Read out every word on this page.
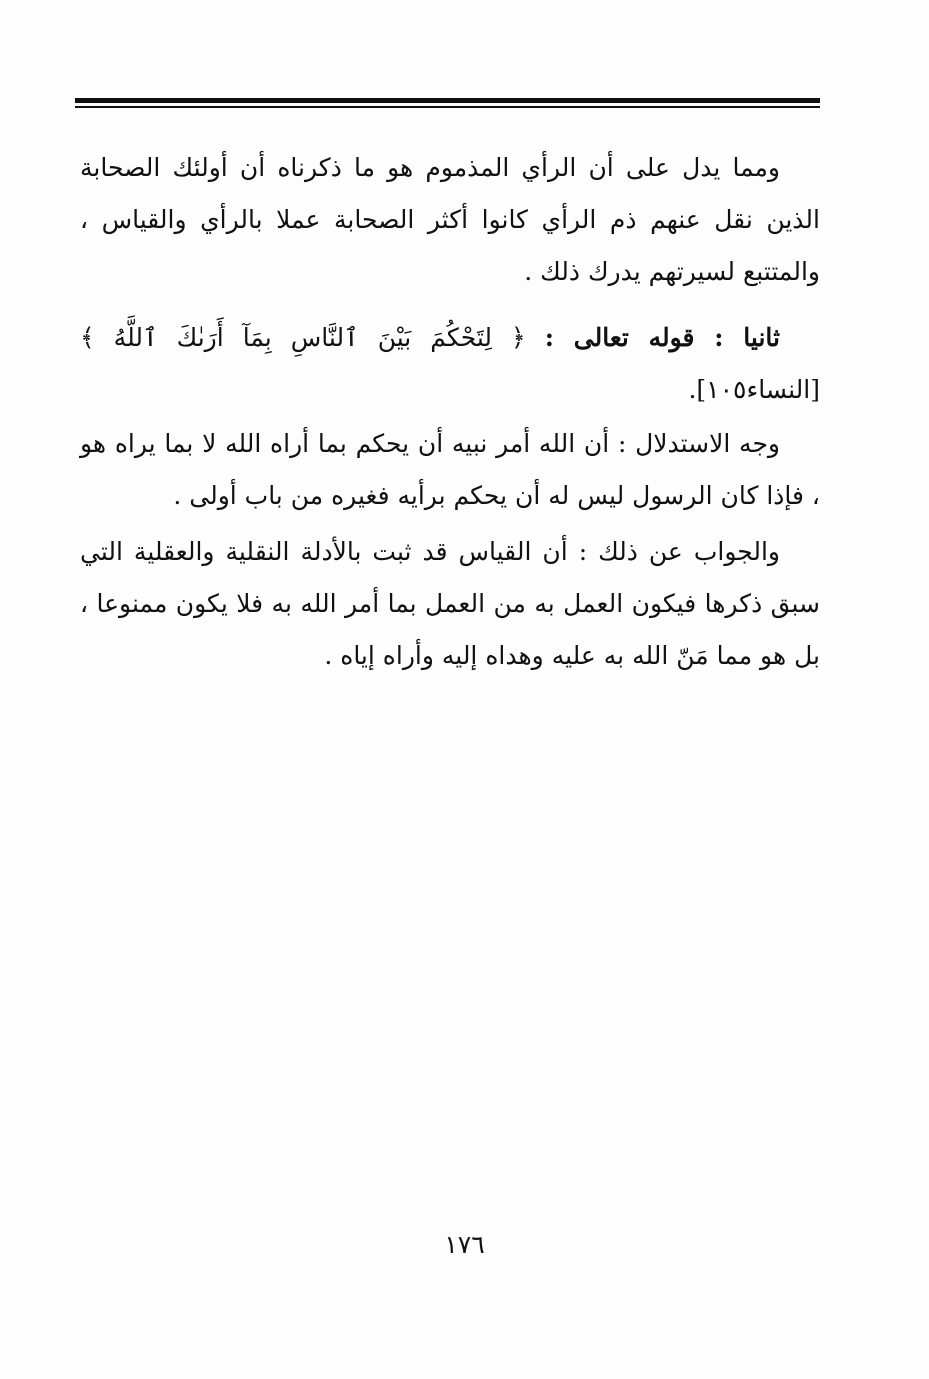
ومما يدل على أن الرأي المذموم هو ما ذكرناه أن أولئك الصحابة الذين نقل عنهم ذم الرأي كانوا أكثر الصحابة عملا بالرأي والقياس ، والمتتبع لسيرتهم يدرك ذلك .

ثانيا : قوله تعالى : ﴿ لِتَحْكُمَ بَيْنَ ٱلنَّاسِ بِمَآ أَرَىٰكَ ٱللَّهُ ﴾ [النساء١٠٥].

وجه الاستدلال : أن الله أمر نبيه أن يحكم بما أراه الله لا بما يراه هو ، فإذا كان الرسول ليس له أن يحكم برأيه فغيره من باب أولى .

والجواب عن ذلك : أن القياس قد ثبت بالأدلة النقلية والعقلية التي سبق ذكرها فيكون العمل به من العمل بما أمر الله به فلا يكون ممنوعا ، بل هو مما مَنّ الله به عليه وهداه إليه وأراه إياه .

١٧٦
